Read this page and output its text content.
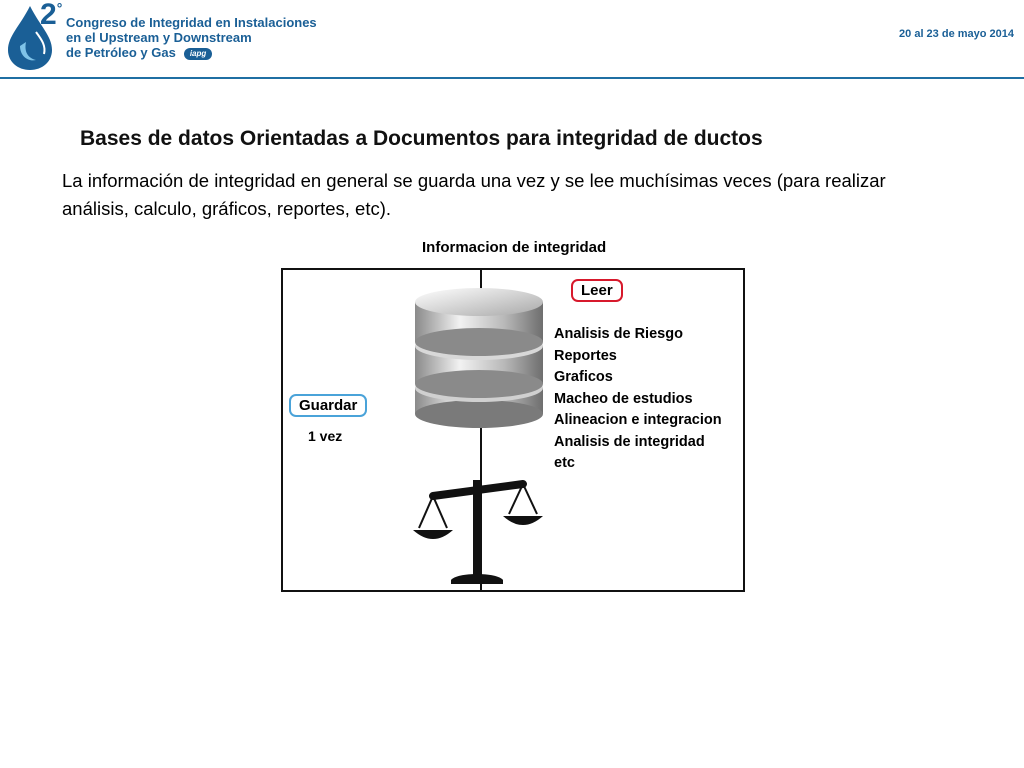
2°
Congreso de Integridad en Instalaciones
en el Upstream y Downstream
de Petróleo y Gas iapg
20 al 23 de mayo 2014
Bases de datos Orientadas a Documentos para integridad de ductos
La información de integridad en general se guarda una vez y se lee muchísimas veces (para realizar análisis, calculo, gráficos, reportes, etc).
Informacion de integridad
Guardar
1 vez
Leer
Analisis de Riesgo
Reportes
Graficos
Macheo de estudios
Alineacion e integracion
Analisis de integridad
etc
